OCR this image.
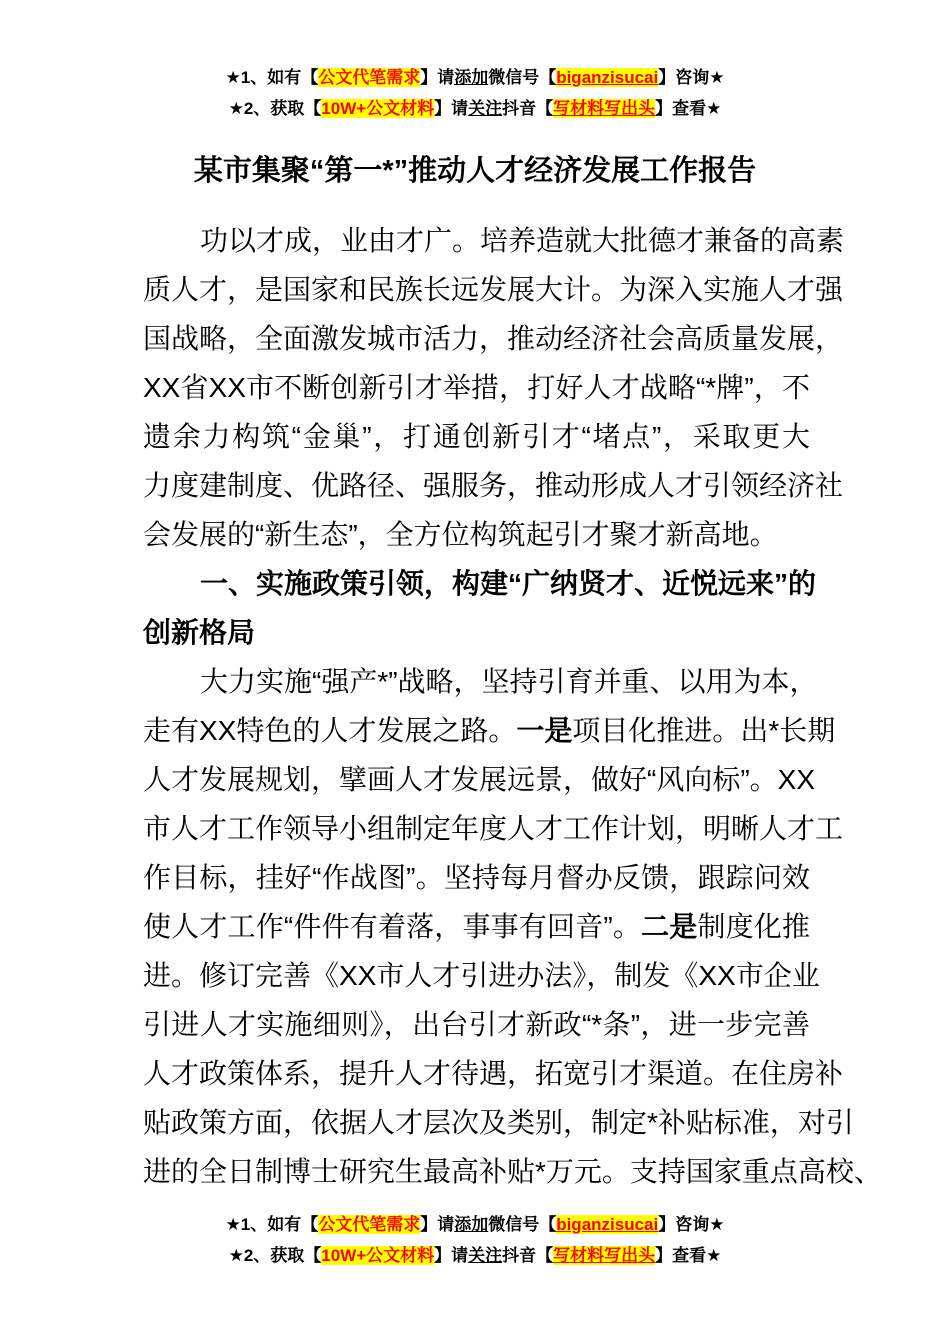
★1、如有【公文代笔需求】请添加微信号【biganzisucai】咨询★
★2、获取【10W+公文材料】请关注抖音【写材料写出头】查看★
某市集聚“第一*”推动人才经济发展工作报告
功以才成，业由才广。培养造就大批德才兼备的高素
质人才，是国家和民族长远发展大计。为深入实施人才强
国战略，全面激发城市活力，推动经济社会高质量发展，
XX省XX市不断创新引才举措，打好人才战略“*牌”，不
遗余力构筑“金巢”，打通创新引才“堵点”，采取更大
力度建制度、优路径、强服务，推动形成人才引领经济社
会发展的“新生态”，全方位构筑起引才聚才新高地。
一、实施政策引领，构建“广纳贤才、近悦远来”的
创新格局
大力实施“强产*”战略，坚持引育并重、以用为本，
走有XX特色的人才发展之路。一是项目化推进。出*长期
人才发展规划，擘画人才发展远景，做好“风向标”。XX
市人才工作领导小组制定年度人才工作计划，明晰人才工
作目标，挂好“作战图”。坚持每月督办反馈，跟踪问效
使人才工作“件件有着落，事事有回音”。二是制度化推
进。修订完善《XX市人才引进办法》，制发《XX市企业
引进人才实施细则》，出台引才新政“*条”，进一步完善
人才政策体系，提升人才待遇，拓宽引才渠道。在住房补
贴政策方面，依据人才层次及类别，制定*补贴标准，对引
进的全日制博士研究生最高补贴*万元。支持国家重点高校、
★1、如有【公文代笔需求】请添加微信号【biganzisucai】咨询★
★2、获取【10W+公文材料】请关注抖音【写材料写出头】查看★
